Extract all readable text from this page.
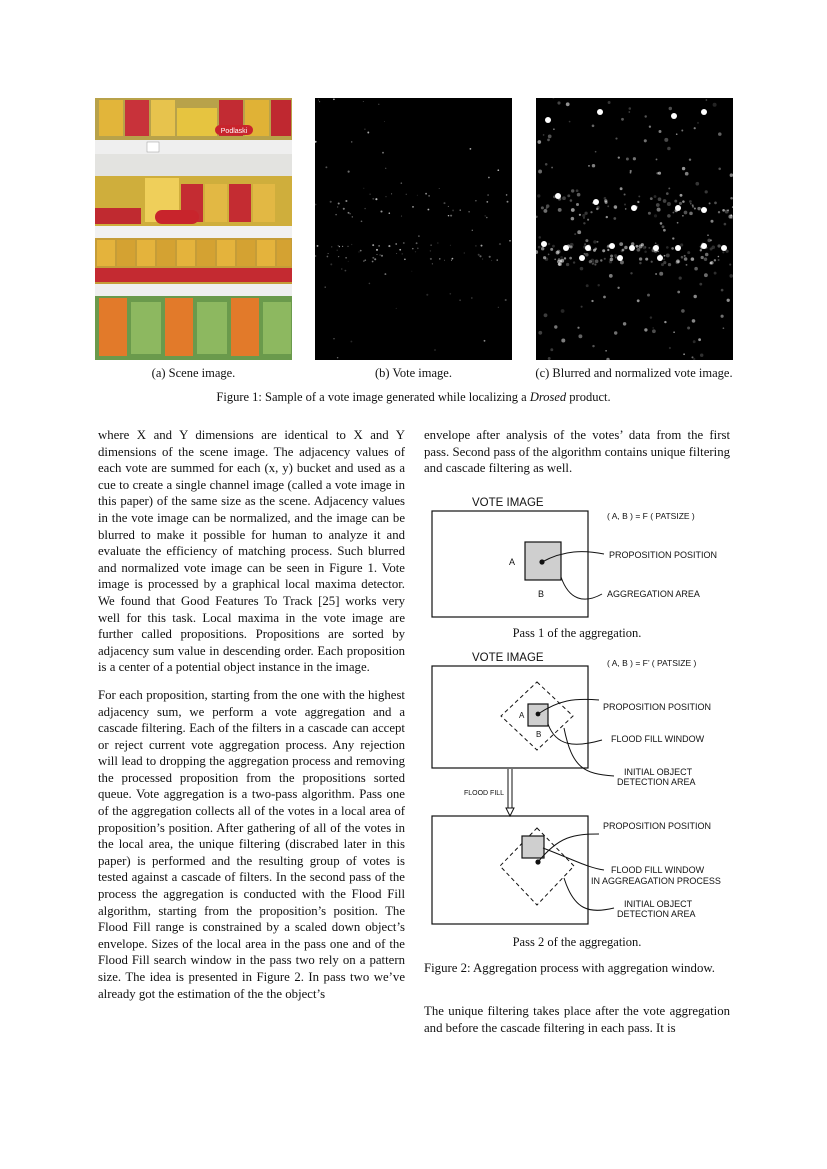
Podlaski
(a) Scene image.	(b) Vote image.	(c) Blurred and normalized vote image.
Figure 1: Sample of a vote image generated while localizing a Drosed product.

where X and Y dimensions are identical to X and Y dimensions of the scene image. The adjacency values of each vote are summed for each (x, y) bucket and used as a cue to create a single channel image (called a vote image in this paper) of the same size as the scene. Adjacency values in the vote image can be normalized, and the image can be blurred to make it possible for human to analyze it and evaluate the efficiency of matching process. Such blurred and normalized vote image can be seen in Figure 1. Vote image is processed by a graphical local maxima detector. We found that Good Features To Track [25] works very well for this task. Local maxima in the vote image are further called propositions. Propositions are sorted by adjacency sum value in descending order. Each proposition is a center of a potential object instance in the image.

For each proposition, starting from the one with the highest adjacency sum, we perform a vote aggregation and a cascade filtering. Each of the filters in a cascade can accept or reject current vote aggregation process. Any rejection will lead to dropping the aggregation process and removing the processed proposition from the propositions sorted queue. Vote aggregation is a two-pass algorithm. Pass one of the aggregation collects all of the votes in a local area of proposition’s position. After gathering of all of the votes in the local area, the unique filtering (discrabed later in this paper) is performed and the resulting group of votes is tested against a cascade of filters. In the second pass of the process the aggregation is conducted with the Flood Fill algorithm, starting from the proposition’s position. The Flood Fill range is constrained by a scaled down object’s envelope. Sizes of the local area in the pass one and of the Flood Fill search window in the pass two rely on a pattern size. The idea is presented in Figure 2. In pass two we’ve already got the estimation of the the object’s

envelope after analysis of the votes’ data from the first pass. Second pass of the algorithm contains unique filtering and cascade filtering as well.
VOTE IMAGE
( A, B ) = F ( PATSIZE )
A
B
PROPOSITION POSITION
AGGREGATION AREA
Pass 1 of the aggregation.
VOTE IMAGE	( A, B ) = F’ ( PATSIZE )
A
B
PROPOSITION POSITION
FLOOD FILL WINDOW
INITIAL OBJECT
DETECTION AREA
FLOOD FILL
PROPOSITION POSITION
FLOOD FILL WINDOW
IN AGGREAGATION PROCESS
INITIAL OBJECT
DETECTION AREA
Pass 2 of the aggregation.
Figure 2: Aggregation process with aggregation window.
The unique filtering takes place after the vote aggregation and before the cascade filtering in each pass. It is
